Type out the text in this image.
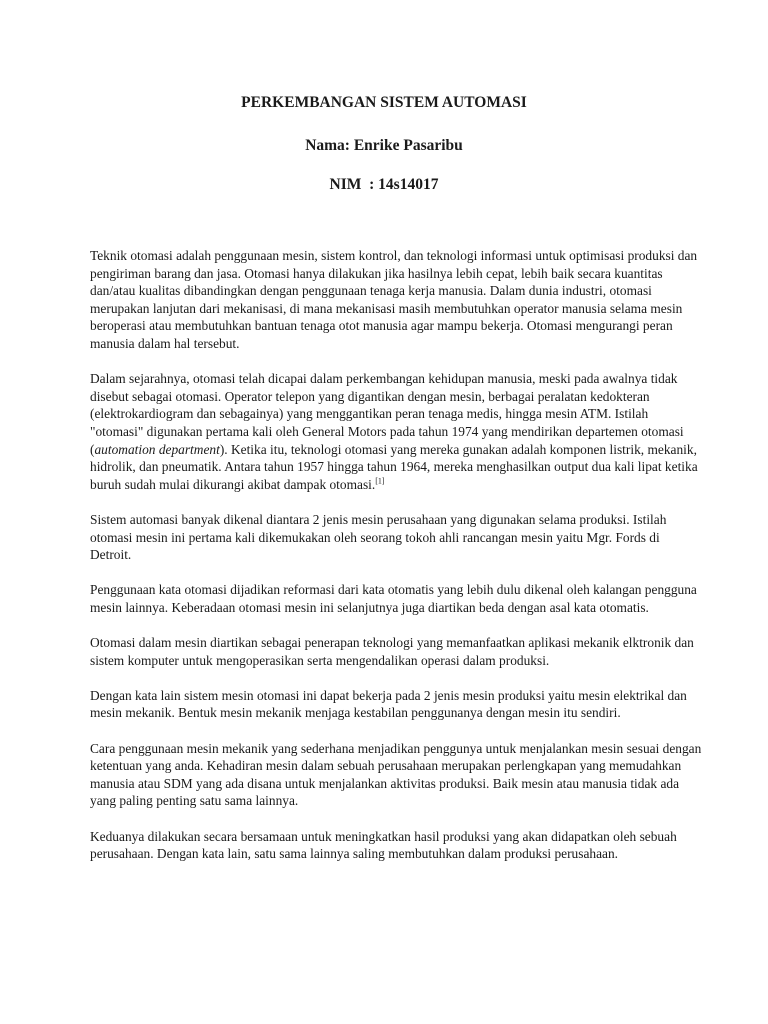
PERKEMBANGAN SISTEM AUTOMASI
Nama: Enrike Pasaribu
NIM : 14s14017

Teknik otomasi adalah penggunaan mesin, sistem kontrol, dan teknologi informasi untuk optimisasi produksi dan pengiriman barang dan jasa. Otomasi hanya dilakukan jika hasilnya lebih cepat, lebih baik secara kuantitas dan/atau kualitas dibandingkan dengan penggunaan tenaga kerja manusia. Dalam dunia industri, otomasi merupakan lanjutan dari mekanisasi, di mana mekanisasi masih membutuhkan operator manusia selama mesin beroperasi atau membutuhkan bantuan tenaga otot manusia agar mampu bekerja. Otomasi mengurangi peran manusia dalam hal tersebut.

Dalam sejarahnya, otomasi telah dicapai dalam perkembangan kehidupan manusia, meski pada awalnya tidak disebut sebagai otomasi. Operator telepon yang digantikan dengan mesin, berbagai peralatan kedokteran (elektrokardiogram dan sebagainya) yang menggantikan peran tenaga medis, hingga mesin ATM. Istilah "otomasi" digunakan pertama kali oleh General Motors pada tahun 1974 yang mendirikan departemen otomasi (automation department). Ketika itu, teknologi otomasi yang mereka gunakan adalah komponen listrik, mekanik, hidrolik, dan pneumatik. Antara tahun 1957 hingga tahun 1964, mereka menghasilkan output dua kali lipat ketika buruh sudah mulai dikurangi akibat dampak otomasi.[1]

Sistem automasi banyak dikenal diantara 2 jenis mesin perusahaan yang digunakan selama produksi. Istilah otomasi mesin ini pertama kali dikemukakan oleh seorang tokoh ahli rancangan mesin yaitu Mgr. Fords di Detroit.

Penggunaan kata otomasi dijadikan reformasi dari kata otomatis yang lebih dulu dikenal oleh kalangan pengguna mesin lainnya. Keberadaan otomasi mesin ini selanjutnya juga diartikan beda dengan asal kata otomatis.

Otomasi dalam mesin diartikan sebagai penerapan teknologi yang memanfaatkan aplikasi mekanik elktronik dan sistem komputer untuk mengoperasikan serta mengendalikan operasi dalam produksi.

Dengan kata lain sistem mesin otomasi ini dapat bekerja pada 2 jenis mesin produksi yaitu mesin elektrikal dan mesin mekanik. Bentuk mesin mekanik menjaga kestabilan penggunanya dengan mesin itu sendiri.

Cara penggunaan mesin mekanik yang sederhana menjadikan penggunya untuk menjalankan mesin sesuai dengan ketentuan yang anda. Kehadiran mesin dalam sebuah perusahaan merupakan perlengkapan yang memudahkan manusia atau SDM yang ada disana untuk menjalankan aktivitas produksi. Baik mesin atau manusia tidak ada yang paling penting satu sama lainnya.

Keduanya dilakukan secara bersamaan untuk meningkatkan hasil produksi yang akan didapatkan oleh sebuah perusahaan. Dengan kata lain, satu sama lainnya saling membutuhkan dalam produksi perusahaan.
